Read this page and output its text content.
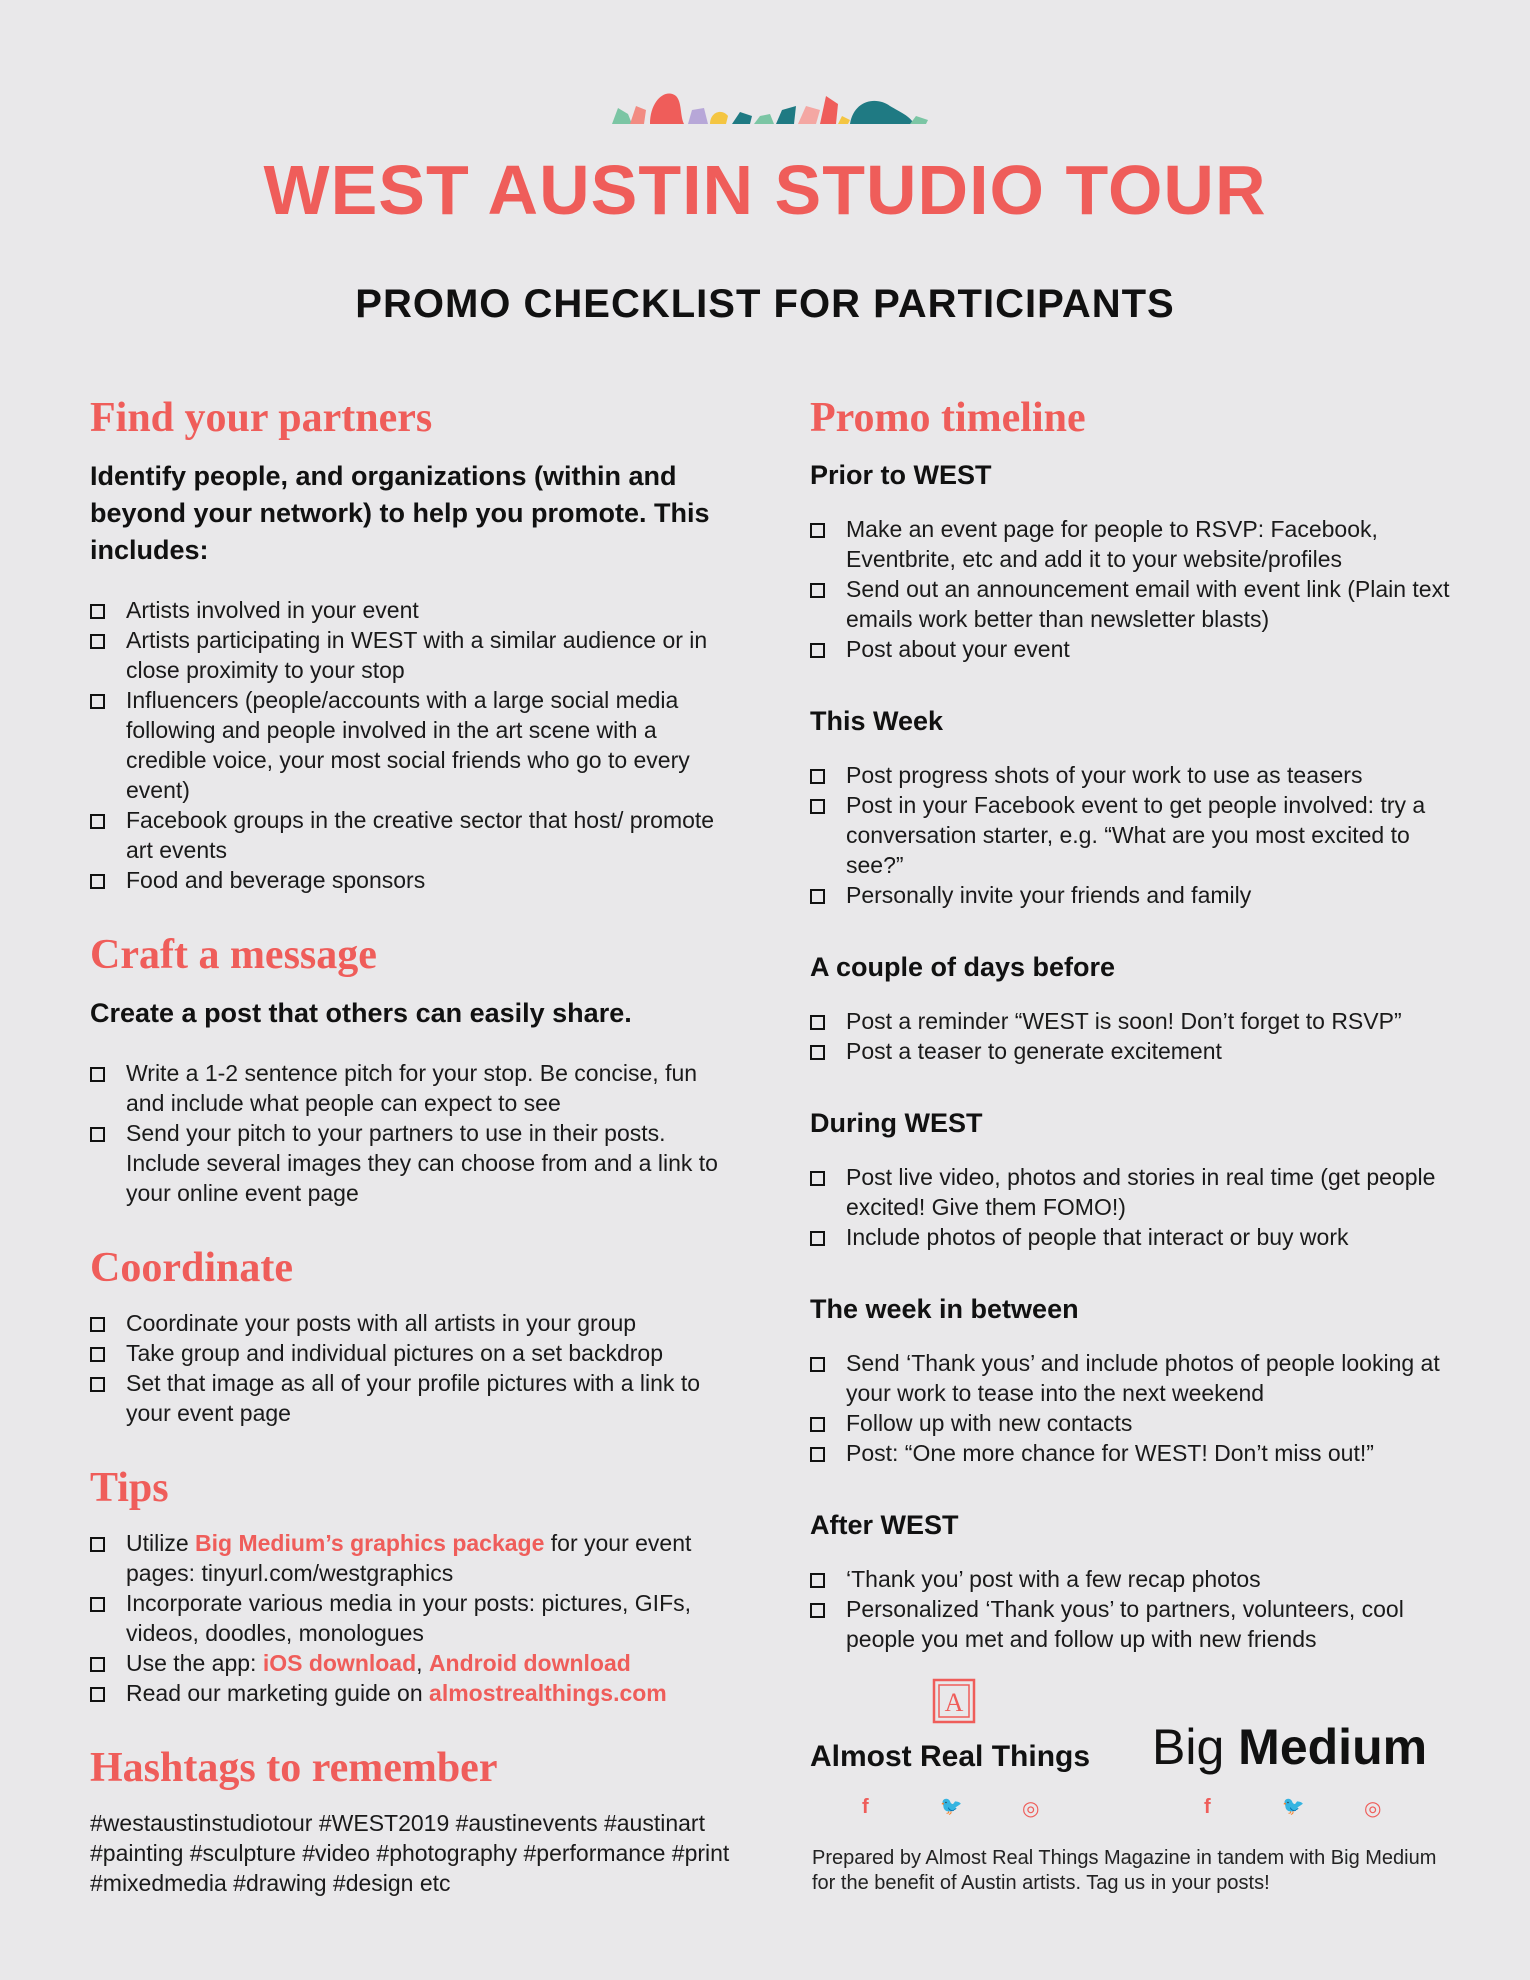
WEST AUSTIN STUDIO TOUR
PROMO CHECKLIST FOR PARTICIPANTS
Find your partners

Identify people, and organizations (within and beyond your network) to help you promote. This includes:

Artists involved in your event
Artists participating in WEST with a similar audience or in close proximity to your stop
Influencers (people/accounts with a large social media following and people involved in the art scene with a credible voice, your most social friends who go to every event)
Facebook groups in the creative sector that host/ promote art events
Food and beverage sponsors
Craft a message

Create a post that others can easily share.

Write a 1-2 sentence pitch for your stop. Be concise, fun and include what people can expect to see
Send your pitch to your partners to use in their posts. Include several images they can choose from and a link to your online event page
Coordinate
Coordinate your posts with all artists in your group
Take group and individual pictures on a set backdrop
Set that image as all of your profile pictures with a link to your event page
Tips
Utilize Big Medium’s graphics package for your event pages: tinyurl.com/westgraphics
Incorporate various media in your posts: pictures, GIFs, videos, doodles, monologues
Use the app: iOS download, Android download
Read our marketing guide on almostrealthings.com
Hashtags to remember
#westaustinstudiotour #WEST2019 #austinevents #austinart #painting #sculpture #video #photography #performance #print #mixedmedia #drawing #design etc
Promo timeline
Prior to WEST
Make an event page for people to RSVP: Facebook, Eventbrite, etc and add it to your website/profiles
Send out an announcement email with event link (Plain text emails work better than newsletter blasts)
Post about your event
This Week
Post progress shots of your work to use as teasers
Post in your Facebook event to get people involved: try a conversation starter, e.g. “What are you most excited to see?”
Personally invite your friends and family
A couple of days before
Post a reminder “WEST is soon! Don’t forget to RSVP”
Post a teaser to generate excitement
During WEST
Post live video, photos and stories in real time (get people excited! Give them FOMO!)
Include photos of people that interact or buy work
The week in between
Send ‘Thank yous’ and include photos of people looking at your work to tease into the next weekend
Follow up with new contacts
Post: “One more chance for WEST! Don’t miss out!”
After WEST
‘Thank you’ post with a few recap photos
Personalized ‘Thank yous’ to partners, volunteers, cool people you met and follow up with new friends
A
Almost Real Things Big Medium
f	🐦	◎	f	🐦	◎
Prepared by Almost Real Things Magazine in tandem with Big Medium for the benefit of Austin artists. Tag us in your posts!
